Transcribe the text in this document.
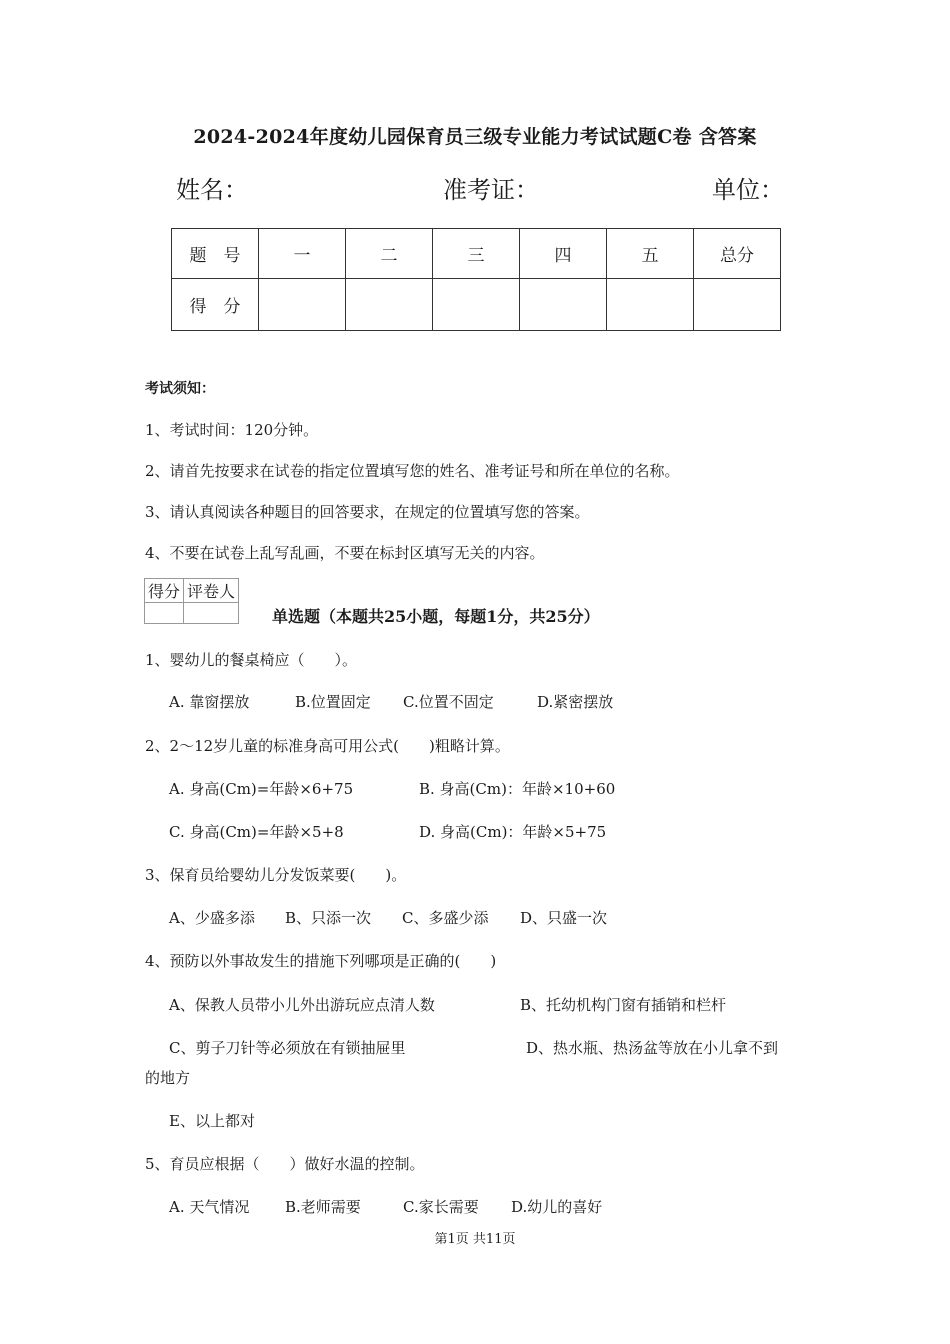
2024-2024年度幼儿园保育员三级专业能力考试试题C卷 含答案
姓名：	准考证：	单位：
题　号	一	二	三	四	五	总分
得　分						
考试须知：
1、考试时间：120分钟。
2、请首先按要求在试卷的指定位置填写您的姓名、准考证号和所在单位的名称。
3、请认真阅读各种题目的回答要求，在规定的位置填写您的答案。
4、不要在试卷上乱写乱画，不要在标封区填写无关的内容。
得分	评卷人

单选题（本题共25小题，每题1分，共25分）
1、婴幼儿的餐桌椅应（　　）。
A. 靠窗摆放	B.位置固定 C.位置不固定	D.紧密摆放
2、2～12岁儿童的标准身高可用公式(　　)粗略计算。
A. 身高(Cm)=年龄×6+75	B. 身高(Cm)：年龄×10+60
C. 身高(Cm)=年龄×5+8	D. 身高(Cm)：年龄×5+75
3、保育员给婴幼儿分发饭菜要(　　)。
A、少盛多添 B、只添一次 C、多盛少添 D、只盛一次
4、预防以外事故发生的措施下列哪项是正确的(　　)
A、保教人员带小儿外出游玩应点清人数	B、托幼机构门窗有插销和栏杆
C、剪子刀针等必须放在有锁抽屉里	D、热水瓶、热汤盆等放在小儿拿不到
的地方
E、以上都对
5、育员应根据（　　）做好水温的控制。
A. 天气情况 B.老师需要	C.家长需要 D.幼儿的喜好
第1页 共11页
